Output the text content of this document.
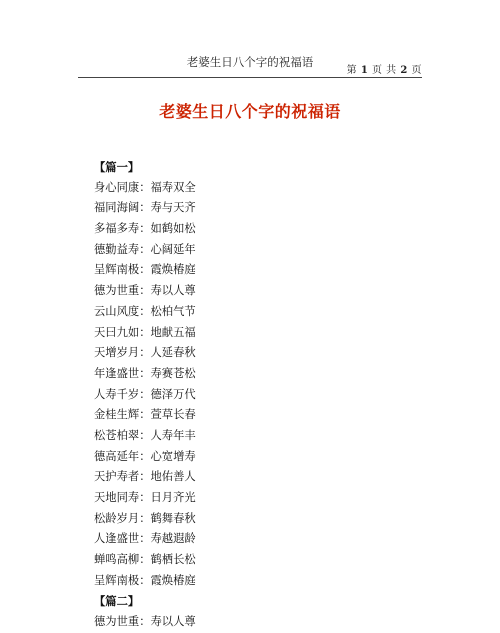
老婆生日八个字的祝福语
第 1 页 共 2 页
老婆生日八个字的祝福语
【篇一】
身心同康：福寿双全
福同海阔：寿与天齐
多福多寿：如鹤如松
德勤益寿：心阔延年
呈辉南极：霞焕椿庭
德为世重：寿以人尊
云山风度：松柏气节
天曰九如：地献五福
天增岁月：人延春秋
年逢盛世：寿赛苍松
人寿千岁：德泽万代
金桂生辉：萱草长春
松苍柏翠：人寿年丰
德高延年：心宽增寿
天护寿者：地佑善人
天地同寿：日月齐光
松龄岁月：鹤舞春秋
人逢盛世：寿越遐龄
蝉鸣高柳：鹤栖长松
呈辉南极：霞焕椿庭
【篇二】
德为世重：寿以人尊
